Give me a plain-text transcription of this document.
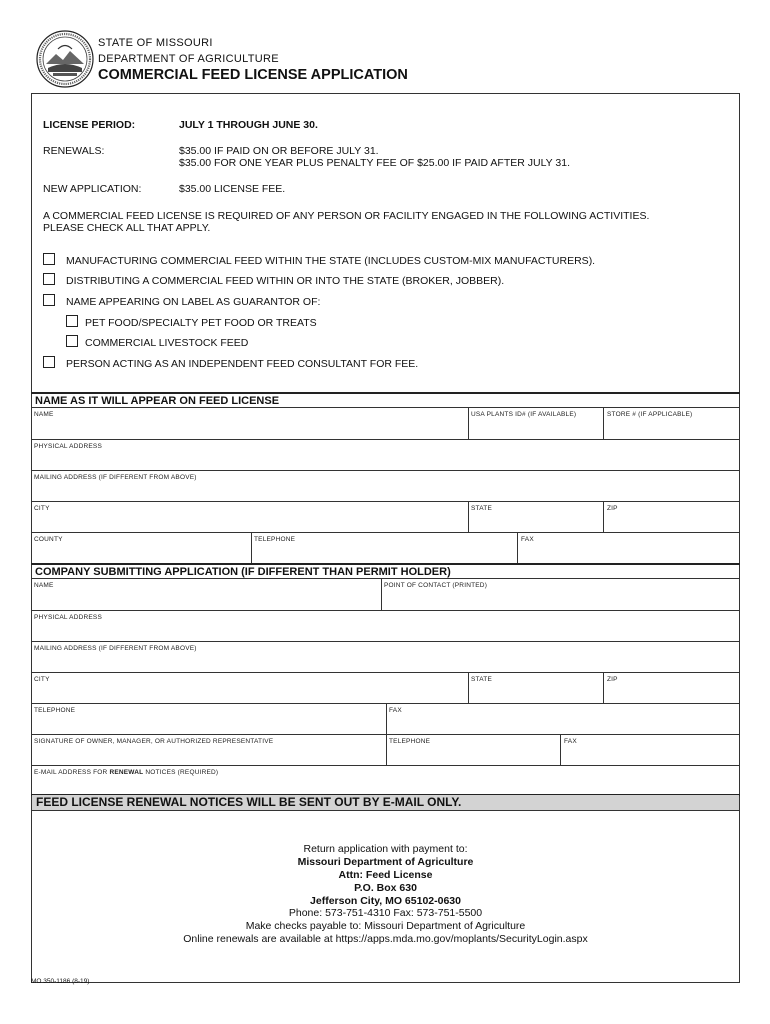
STATE OF MISSOURI
DEPARTMENT OF AGRICULTURE
COMMERCIAL FEED LICENSE APPLICATION
LICENSE PERIOD:	JULY 1 THROUGH JUNE 30.
RENEWALS:	$35.00 IF PAID ON OR BEFORE JULY 31.
$35.00 FOR ONE YEAR PLUS PENALTY FEE OF $25.00 IF PAID AFTER JULY 31.
NEW APPLICATION:	$35.00 LICENSE FEE.
A COMMERCIAL FEED LICENSE IS REQUIRED OF ANY PERSON OR FACILITY ENGAGED IN THE FOLLOWING ACTIVITIES.
PLEASE CHECK ALL THAT APPLY.
MANUFACTURING COMMERCIAL FEED WITHIN THE STATE (INCLUDES CUSTOM-MIX MANUFACTURERS).
DISTRIBUTING A COMMERCIAL FEED WITHIN OR INTO THE STATE (BROKER, JOBBER).
NAME APPEARING ON LABEL AS GUARANTOR OF:
PET FOOD/SPECIALTY PET FOOD OR TREATS
COMMERCIAL LIVESTOCK FEED
PERSON ACTING AS AN INDEPENDENT FEED CONSULTANT FOR FEE.
NAME AS IT WILL APPEAR ON FEED LICENSE
NAME	USA PLANTS ID# (IF AVAILABLE)	STORE # (IF APPLICABLE)
PHYSICAL ADDRESS
MAILING ADDRESS (IF DIFFERENT FROM ABOVE)
CITY	STATE	ZIP
COUNTY	TELEPHONE	FAX
COMPANY SUBMITTING APPLICATION (IF DIFFERENT THAN PERMIT HOLDER)
NAME	POINT OF CONTACT (PRINTED)
PHYSICAL ADDRESS
MAILING ADDRESS (IF DIFFERENT FROM ABOVE)
CITY	STATE	ZIP
TELEPHONE	FAX
SIGNATURE OF OWNER, MANAGER, OR AUTHORIZED REPRESENTATIVE	TELEPHONE	FAX
E-MAIL ADDRESS FOR RENEWAL NOTICES (REQUIRED)
FEED LICENSE RENEWAL NOTICES WILL BE SENT OUT BY E-MAIL ONLY.
Return application with payment to:
Missouri Department of Agriculture
Attn: Feed License
P.O. Box 630
Jefferson City, MO 65102-0630
Phone: 573-751-4310 Fax: 573-751-5500
Make checks payable to: Missouri Department of Agriculture
Online renewals are available at https://apps.mda.mo.gov/moplants/SecurityLogin.aspx
MO 350-1186 (8-19)
